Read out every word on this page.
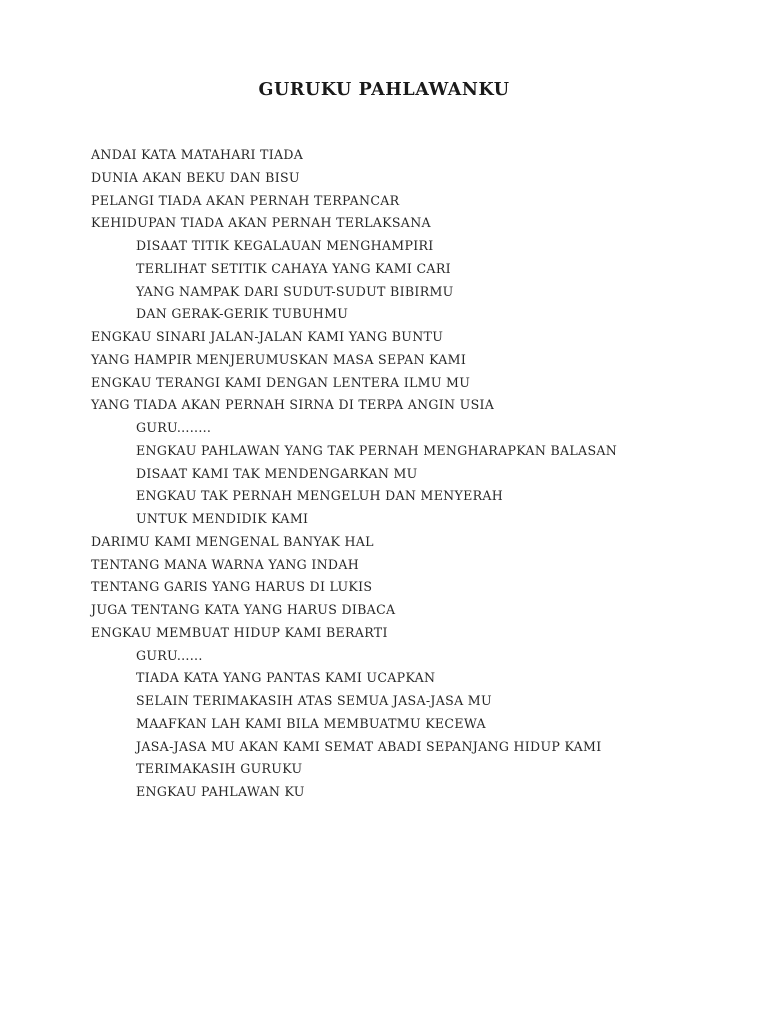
GURUKU PAHLAWANKU
ANDAI KATA MATAHARI TIADA
DUNIA AKAN BEKU DAN BISU
PELANGI TIADA AKAN PERNAH TERPANCAR
KEHIDUPAN TIADA AKAN PERNAH TERLAKSANA
DISAAT TITIK KEGALAUAN MENGHAMPIRI
TERLIHAT SETITIK CAHAYA YANG KAMI CARI
YANG NAMPAK DARI SUDUT-SUDUT BIBIRMU
DAN GERAK-GERIK TUBUHMU
ENGKAU SINARI JALAN-JALAN KAMI YANG BUNTU
YANG HAMPIR MENJERUMUSKAN MASA SEPAN KAMI
ENGKAU TERANGI KAMI DENGAN LENTERA ILMU MU
YANG TIADA AKAN PERNAH SIRNA DI TERPA ANGIN USIA
GURU........
ENGKAU PAHLAWAN YANG TAK PERNAH MENGHARAPKAN BALASAN
DISAAT KAMI TAK MENDENGARKAN MU
ENGKAU TAK PERNAH MENGELUH DAN MENYERAH
UNTUK MENDIDIK KAMI
DARIMU KAMI MENGENAL BANYAK HAL
TENTANG MANA WARNA YANG INDAH
TENTANG GARIS YANG HARUS DI LUKIS
JUGA TENTANG KATA YANG HARUS DIBACA
ENGKAU MEMBUAT HIDUP KAMI BERARTI
GURU......
TIADA KATA YANG PANTAS KAMI UCAPKAN
SELAIN TERIMAKASIH ATAS SEMUA JASA-JASA MU
MAAFKAN LAH KAMI BILA MEMBUATMU KECEWA
JASA-JASA MU AKAN KAMI SEMAT ABADI SEPANJANG HIDUP KAMI
TERIMAKASIH GURUKU
ENGKAU PAHLAWAN KU
